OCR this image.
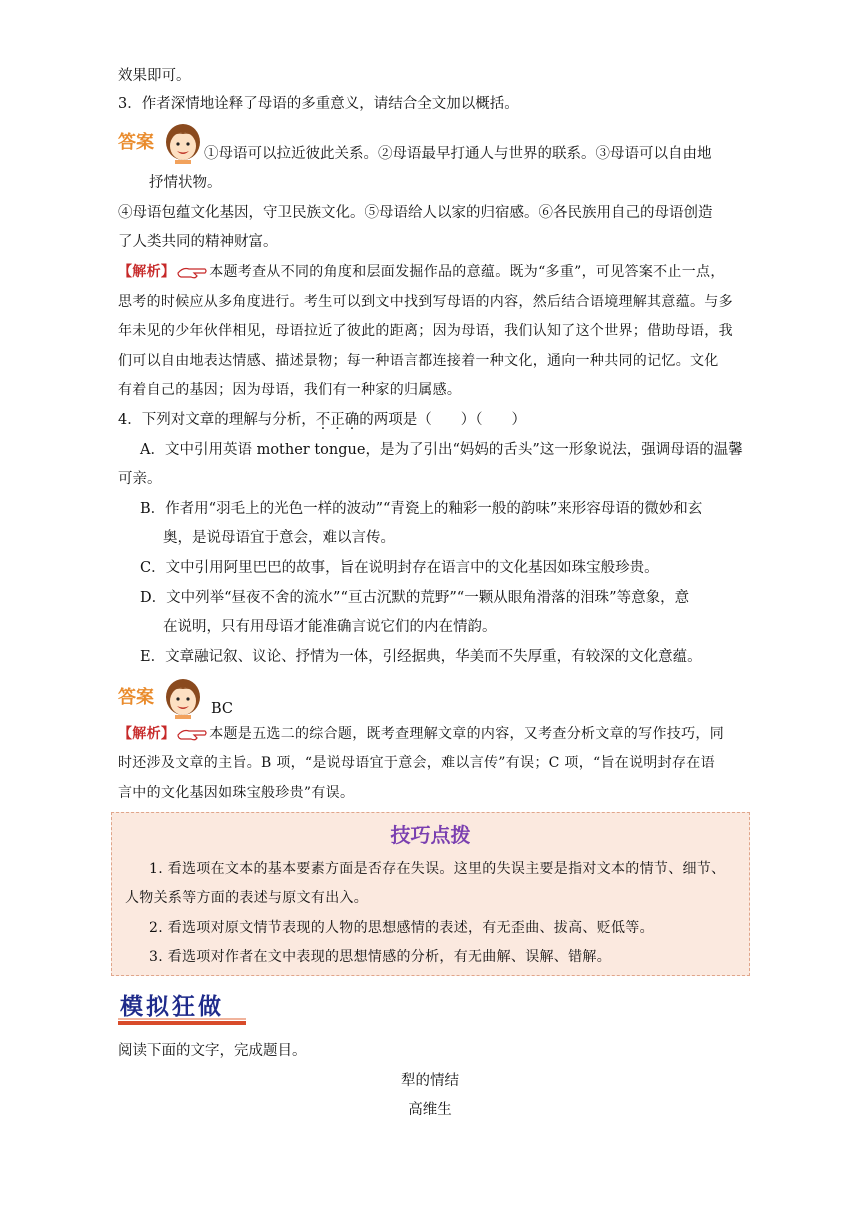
效果即可。
3．作者深情地诠释了母语的多重意义，请结合全文加以概括。
答案
①母语可以拉近彼此关系。②母语最早打通人与世界的联系。③母语可以自由地
抒情状物。
④母语包蕴文化基因，守卫民族文化。⑤母语给人以家的归宿感。⑥各民族用自己的母语创造
了人类共同的精神财富。
【解析】 本题考查从不同的角度和层面发掘作品的意蕴。既为“多重”，可见答案不止一点，
思考的时候应从多角度进行。考生可以到文中找到写母语的内容，然后结合语境理解其意蕴。与多
年未见的少年伙伴相见，母语拉近了彼此的距离；因为母语，我们认知了这个世界；借助母语，我
们可以自由地表达情感、描述景物；每一种语言都连接着一种文化，通向一种共同的记忆。文化
有着自己的基因；因为母语，我们有一种家的归属感。
4．下列对文章的理解与分析，不正确的两项是（　　）（　　）
A．文中引用英语 mother tongue，是为了引出“妈妈的舌头”这一形象说法，强调母语的温馨
可亲。
B．作者用“羽毛上的光色一样的波动”“青瓷上的釉彩一般的韵味”来形容母语的微妙和玄
奥，是说母语宜于意会，难以言传。
C．文中引用阿里巴巴的故事，旨在说明封存在语言中的文化基因如珠宝般珍贵。
D．文中列举“昼夜不舍的流水”“亘古沉默的荒野”“一颗从眼角滑落的泪珠”等意象，意
在说明，只有用母语才能准确言说它们的内在情韵。
E．文章融记叙、议论、抒情为一体，引经据典，华美而不失厚重，有较深的文化意蕴。
答案
BC
【解析】 本题是五选二的综合题，既考查理解文章的内容，又考查分析文章的写作技巧，同
时还涉及文章的主旨。B 项，“是说母语宜于意会，难以言传”有误；C 项，“旨在说明封存在语
言中的文化基因如珠宝般珍贵”有误。
技巧点拨
1. 看选项在文本的基本要素方面是否存在失误。这里的失误主要是指对文本的情节、细节、
人物关系等方面的表述与原文有出入。
2. 看选项对原文情节表现的人物的思想感情的表述，有无歪曲、拔高、贬低等。
3. 看选项对作者在文中表现的思想情感的分析，有无曲解、误解、错解。
模拟狂做
阅读下面的文字，完成题目。
犁的情结
高维生
